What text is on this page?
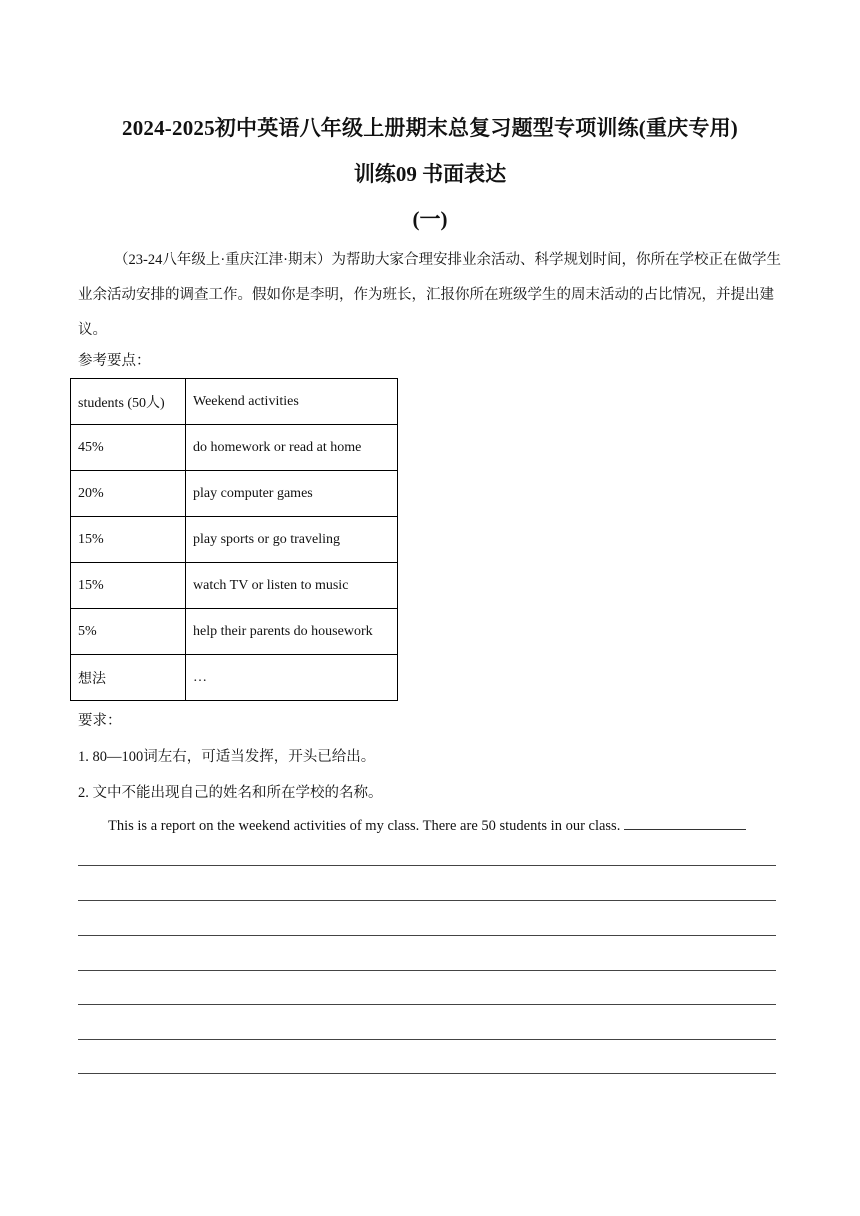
2024-2025初中英语八年级上册期末总复习题型专项训练(重庆专用)
训练09 书面表达
(一)
（23-24八年级上·重庆江津·期末）为帮助大家合理安排业余活动、科学规划时间，你所在学校正在做学生业余活动安排的调查工作。假如你是李明，作为班长，汇报你所在班级学生的周末活动的占比情况，并提出建议。
参考要点：
students (50人)	Weekend activities
45%	do homework or read at home
20%	play computer games
15%	play sports or go traveling
15%	watch TV or listen to music
5%	help their parents do housework
想法	…
要求：
1. 80—100词左右，可适当发挥，开头已给出。
2. 文中不能出现自己的姓名和所在学校的名称。
This is a report on the weekend activities of my class. There are 50 students in our class.
